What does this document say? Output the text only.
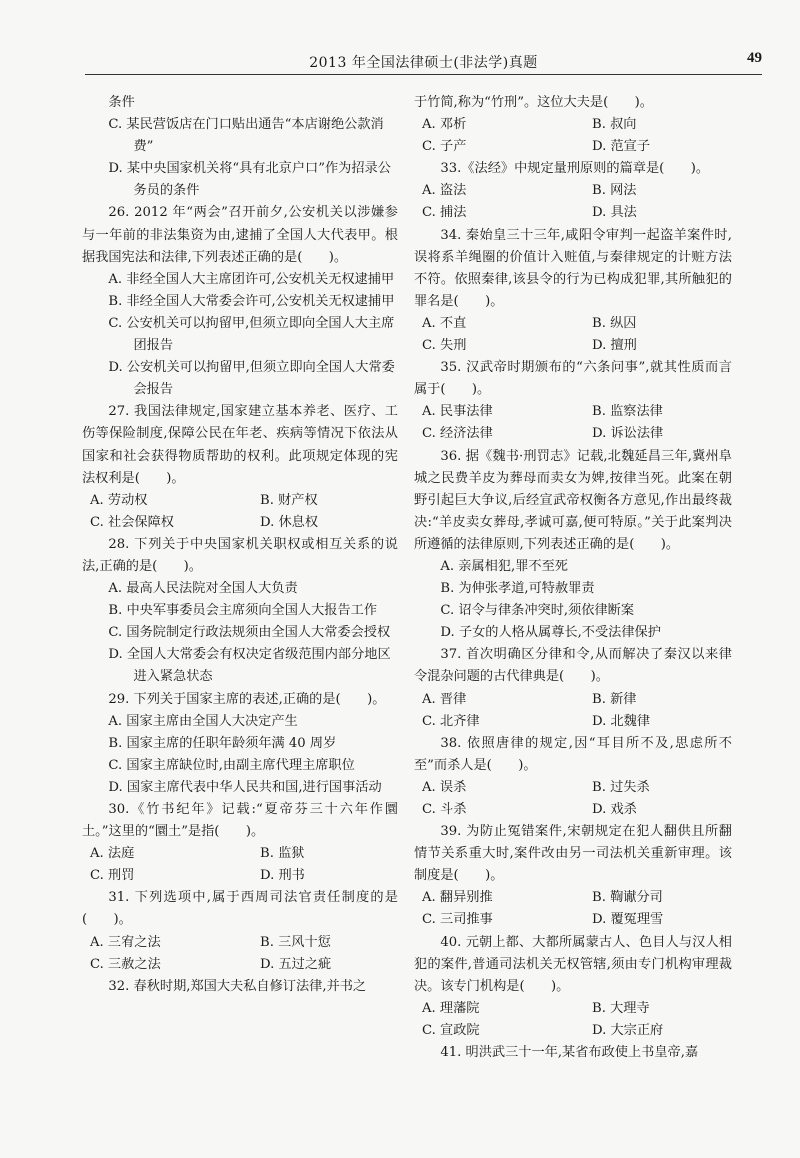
2013 年全国法律硕士(非法学)真题	49

条件

C. 某民营饭店在门口贴出通告“本店谢绝公款消费”

D. 某中央国家机关将“具有北京户口”作为招录公务员的条件

26. 2012 年“两会”召开前夕,公安机关以涉嫌参与一年前的非法集资为由,逮捕了全国人大代表甲。根据我国宪法和法律,下列表述正确的是(　　)。

A. 非经全国人大主席团许可,公安机关无权逮捕甲

B. 非经全国人大常委会许可,公安机关无权逮捕甲

C. 公安机关可以拘留甲,但须立即向全国人大主席团报告

D. 公安机关可以拘留甲,但须立即向全国人大常委会报告

27. 我国法律规定,国家建立基本养老、医疗、工伤等保险制度,保障公民在年老、疾病等情况下依法从国家和社会获得物质帮助的权利。此项规定体现的宪法权利是(　　)。

A. 劳动权	B. 财产权
C. 社会保障权	D. 休息权

28. 下列关于中央国家机关职权或相互关系的说法,正确的是(　　)。

A. 最高人民法院对全国人大负责

B. 中央军事委员会主席须向全国人大报告工作

C. 国务院制定行政法规须由全国人大常委会授权

D. 全国人大常委会有权决定省级范围内部分地区进入紧急状态

29. 下列关于国家主席的表述,正确的是(　　)。

A. 国家主席由全国人大决定产生

B. 国家主席的任职年龄须年满 40 周岁

C. 国家主席缺位时,由副主席代理主席职位

D. 国家主席代表中华人民共和国,进行国事活动

30.《竹书纪年》记载:“夏帝芬三十六年作圜土。”这里的“圜土”是指(　　)。

A. 法庭	B. 监狱
C. 刑罚	D. 刑书

31. 下列选项中,属于西周司法官责任制度的是(　　)。

A. 三宥之法	B. 三风十愆
C. 三赦之法	D. 五过之疵

32. 春秋时期,郑国大夫私自修订法律,并书之

于竹简,称为“竹刑”。这位大夫是(　　)。

A. 邓析	B. 叔向
C. 子产	D. 范宣子

33.《法经》中规定量刑原则的篇章是(　　)。

A. 盗法	B. 网法
C. 捕法	D. 具法

34. 秦始皇三十三年,咸阳令审判一起盗羊案件时,误将系羊绳圈的价值计入赃值,与秦律规定的计赃方法不符。依照秦律,该县令的行为已构成犯罪,其所触犯的罪名是(　　)。

A. 不直	B. 纵囚
C. 失刑	D. 擅刑

35. 汉武帝时期颁布的“六条问事”,就其性质而言属于(　　)。

A. 民事法律	B. 监察法律
C. 经济法律	D. 诉讼法律

36. 据《魏书·刑罚志》记载,北魏延昌三年,冀州阜城之民费羊皮为葬母而卖女为婢,按律当死。此案在朝野引起巨大争议,后经宣武帝权衡各方意见,作出最终裁决:“羊皮卖女葬母,孝诚可嘉,便可特原。”关于此案判决所遵循的法律原则,下列表述正确的是(　　)。

A. 亲属相犯,罪不至死

B. 为伸张孝道,可特赦罪责

C. 诏令与律条冲突时,须依律断案

D. 子女的人格从属尊长,不受法律保护

37. 首次明确区分律和令,从而解决了秦汉以来律令混杂问题的古代律典是(　　)。

A. 晋律	B. 新律
C. 北齐律	D. 北魏律

38. 依照唐律的规定,因“耳目所不及,思虑所不至”而杀人是(　　)。

A. 误杀	B. 过失杀
C. 斗杀	D. 戏杀

39. 为防止冤错案件,宋朝规定在犯人翻供且所翻情节关系重大时,案件改由另一司法机关重新审理。该制度是(　　)。

A. 翻异别推	B. 鞫谳分司
C. 三司推事	D. 覆冤理雪

40. 元朝上都、大都所属蒙古人、色目人与汉人相犯的案件,普通司法机关无权管辖,须由专门机构审理裁决。该专门机构是(　　)。

A. 理藩院	B. 大理寺
C. 宣政院	D. 大宗正府

41. 明洪武三十一年,某省布政使上书皇帝,嘉
